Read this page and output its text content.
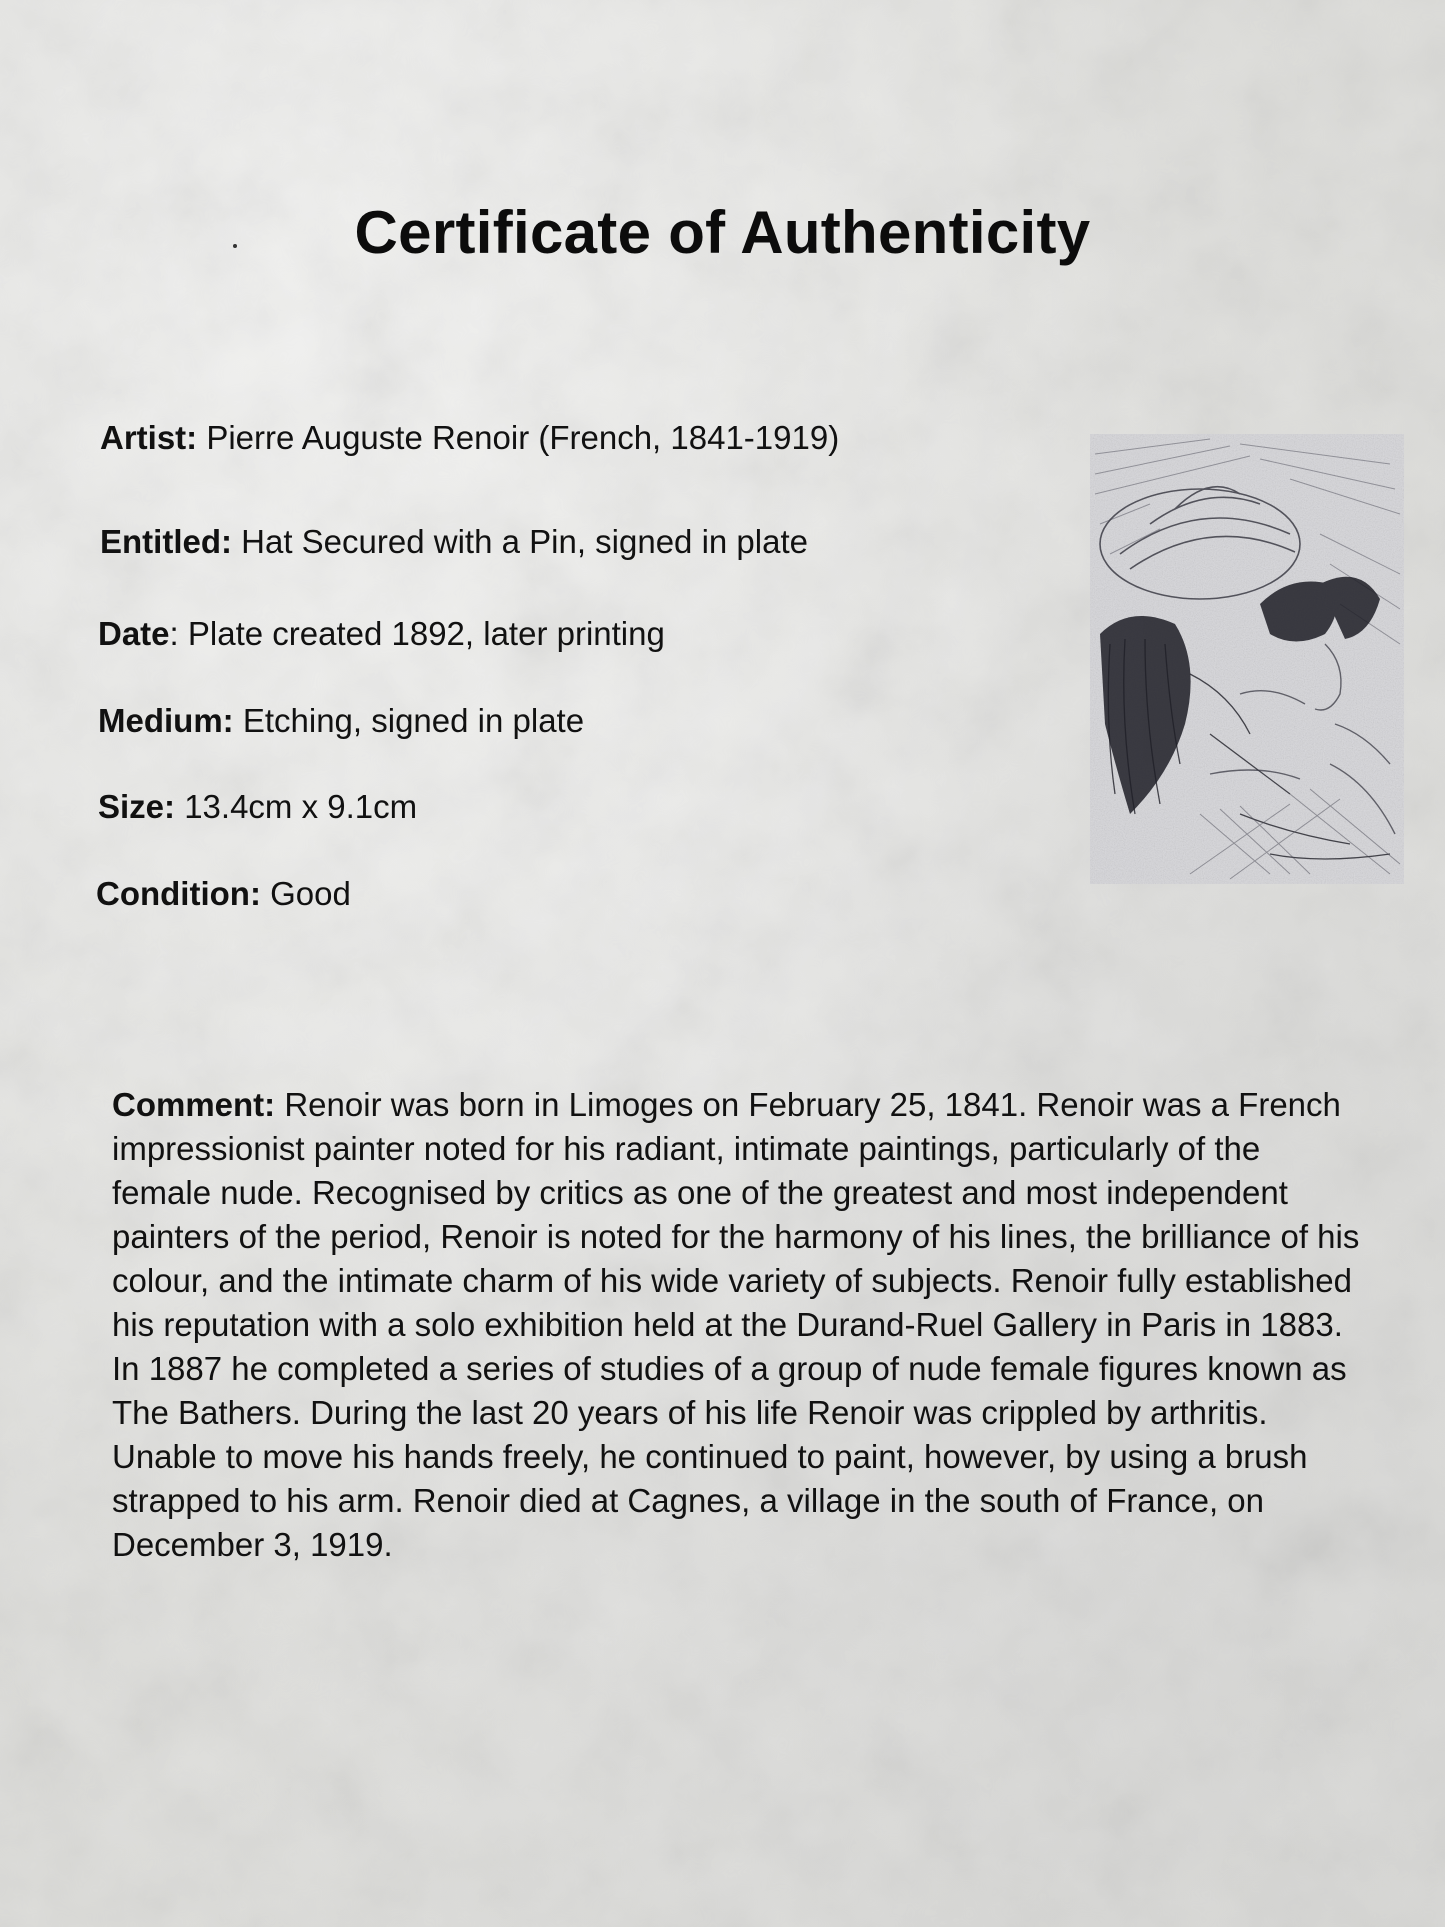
Certificate of Authenticity

Artist: Pierre Auguste Renoir (French, 1841-1919)

Entitled: Hat Secured with a Pin, signed in plate

Date: Plate created 1892, later printing

Medium: Etching, signed in plate

Size: 13.4cm x 9.1cm

Condition: Good

Comment: Renoir was born in Limoges on February 25, 1841. Renoir was a French impressionist painter noted for his radiant, intimate paintings, particularly of the female nude. Recognised by critics as one of the greatest and most independent painters of the period, Renoir is noted for the harmony of his lines, the brilliance of his colour, and the intimate charm of his wide variety of subjects. Renoir fully established his reputation with a solo exhibition held at the Durand-Ruel Gallery in Paris in 1883. In 1887 he completed a series of studies of a group of nude female figures known as The Bathers. During the last 20 years of his life Renoir was crippled by arthritis. Unable to move his hands freely, he continued to paint, however, by using a brush strapped to his arm. Renoir died at Cagnes, a village in the south of France, on December 3, 1919.
